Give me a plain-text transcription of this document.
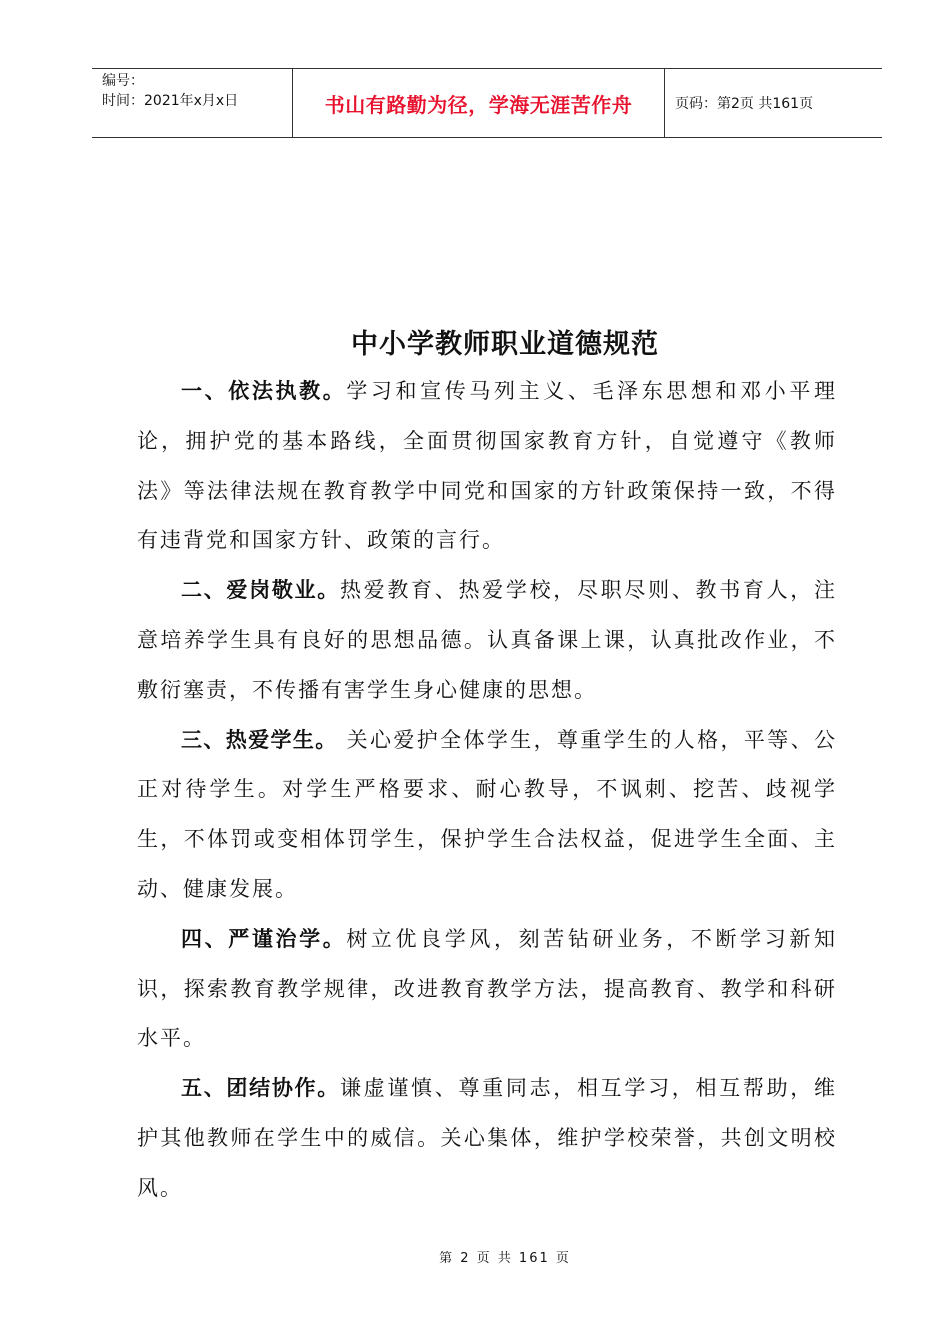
编号：
时间：2021年x月x日	书山有路勤为径，学海无涯苦作舟	页码：第2页 共161页
中小学教师职业道德规范

一、依法执教。学习和宣传马列主义、毛泽东思想和邓小平理论，拥护党的基本路线，全面贯彻国家教育方针，自觉遵守《教师法》等法律法规在教育教学中同党和国家的方针政策保持一致，不得有违背党和国家方针、政策的言行。

二、爱岗敬业。热爱教育、热爱学校，尽职尽则、教书育人，注意培养学生具有良好的思想品德。认真备课上课，认真批改作业，不敷衍塞责，不传播有害学生身心健康的思想。

三、热爱学生。 关心爱护全体学生，尊重学生的人格，平等、公正对待学生。对学生严格要求、耐心教导，不讽刺、挖苦、歧视学生，不体罚或变相体罚学生，保护学生合法权益，促进学生全面、主动、健康发展。

四、严谨治学。树立优良学风，刻苦钻研业务，不断学习新知识，探索教育教学规律，改进教育教学方法，提高教育、教学和科研水平。

五、团结协作。谦虚谨慎、尊重同志，相互学习，相互帮助，维护其他教师在学生中的威信。关心集体，维护学校荣誉，共创文明校风。

第 2 页 共 161 页
